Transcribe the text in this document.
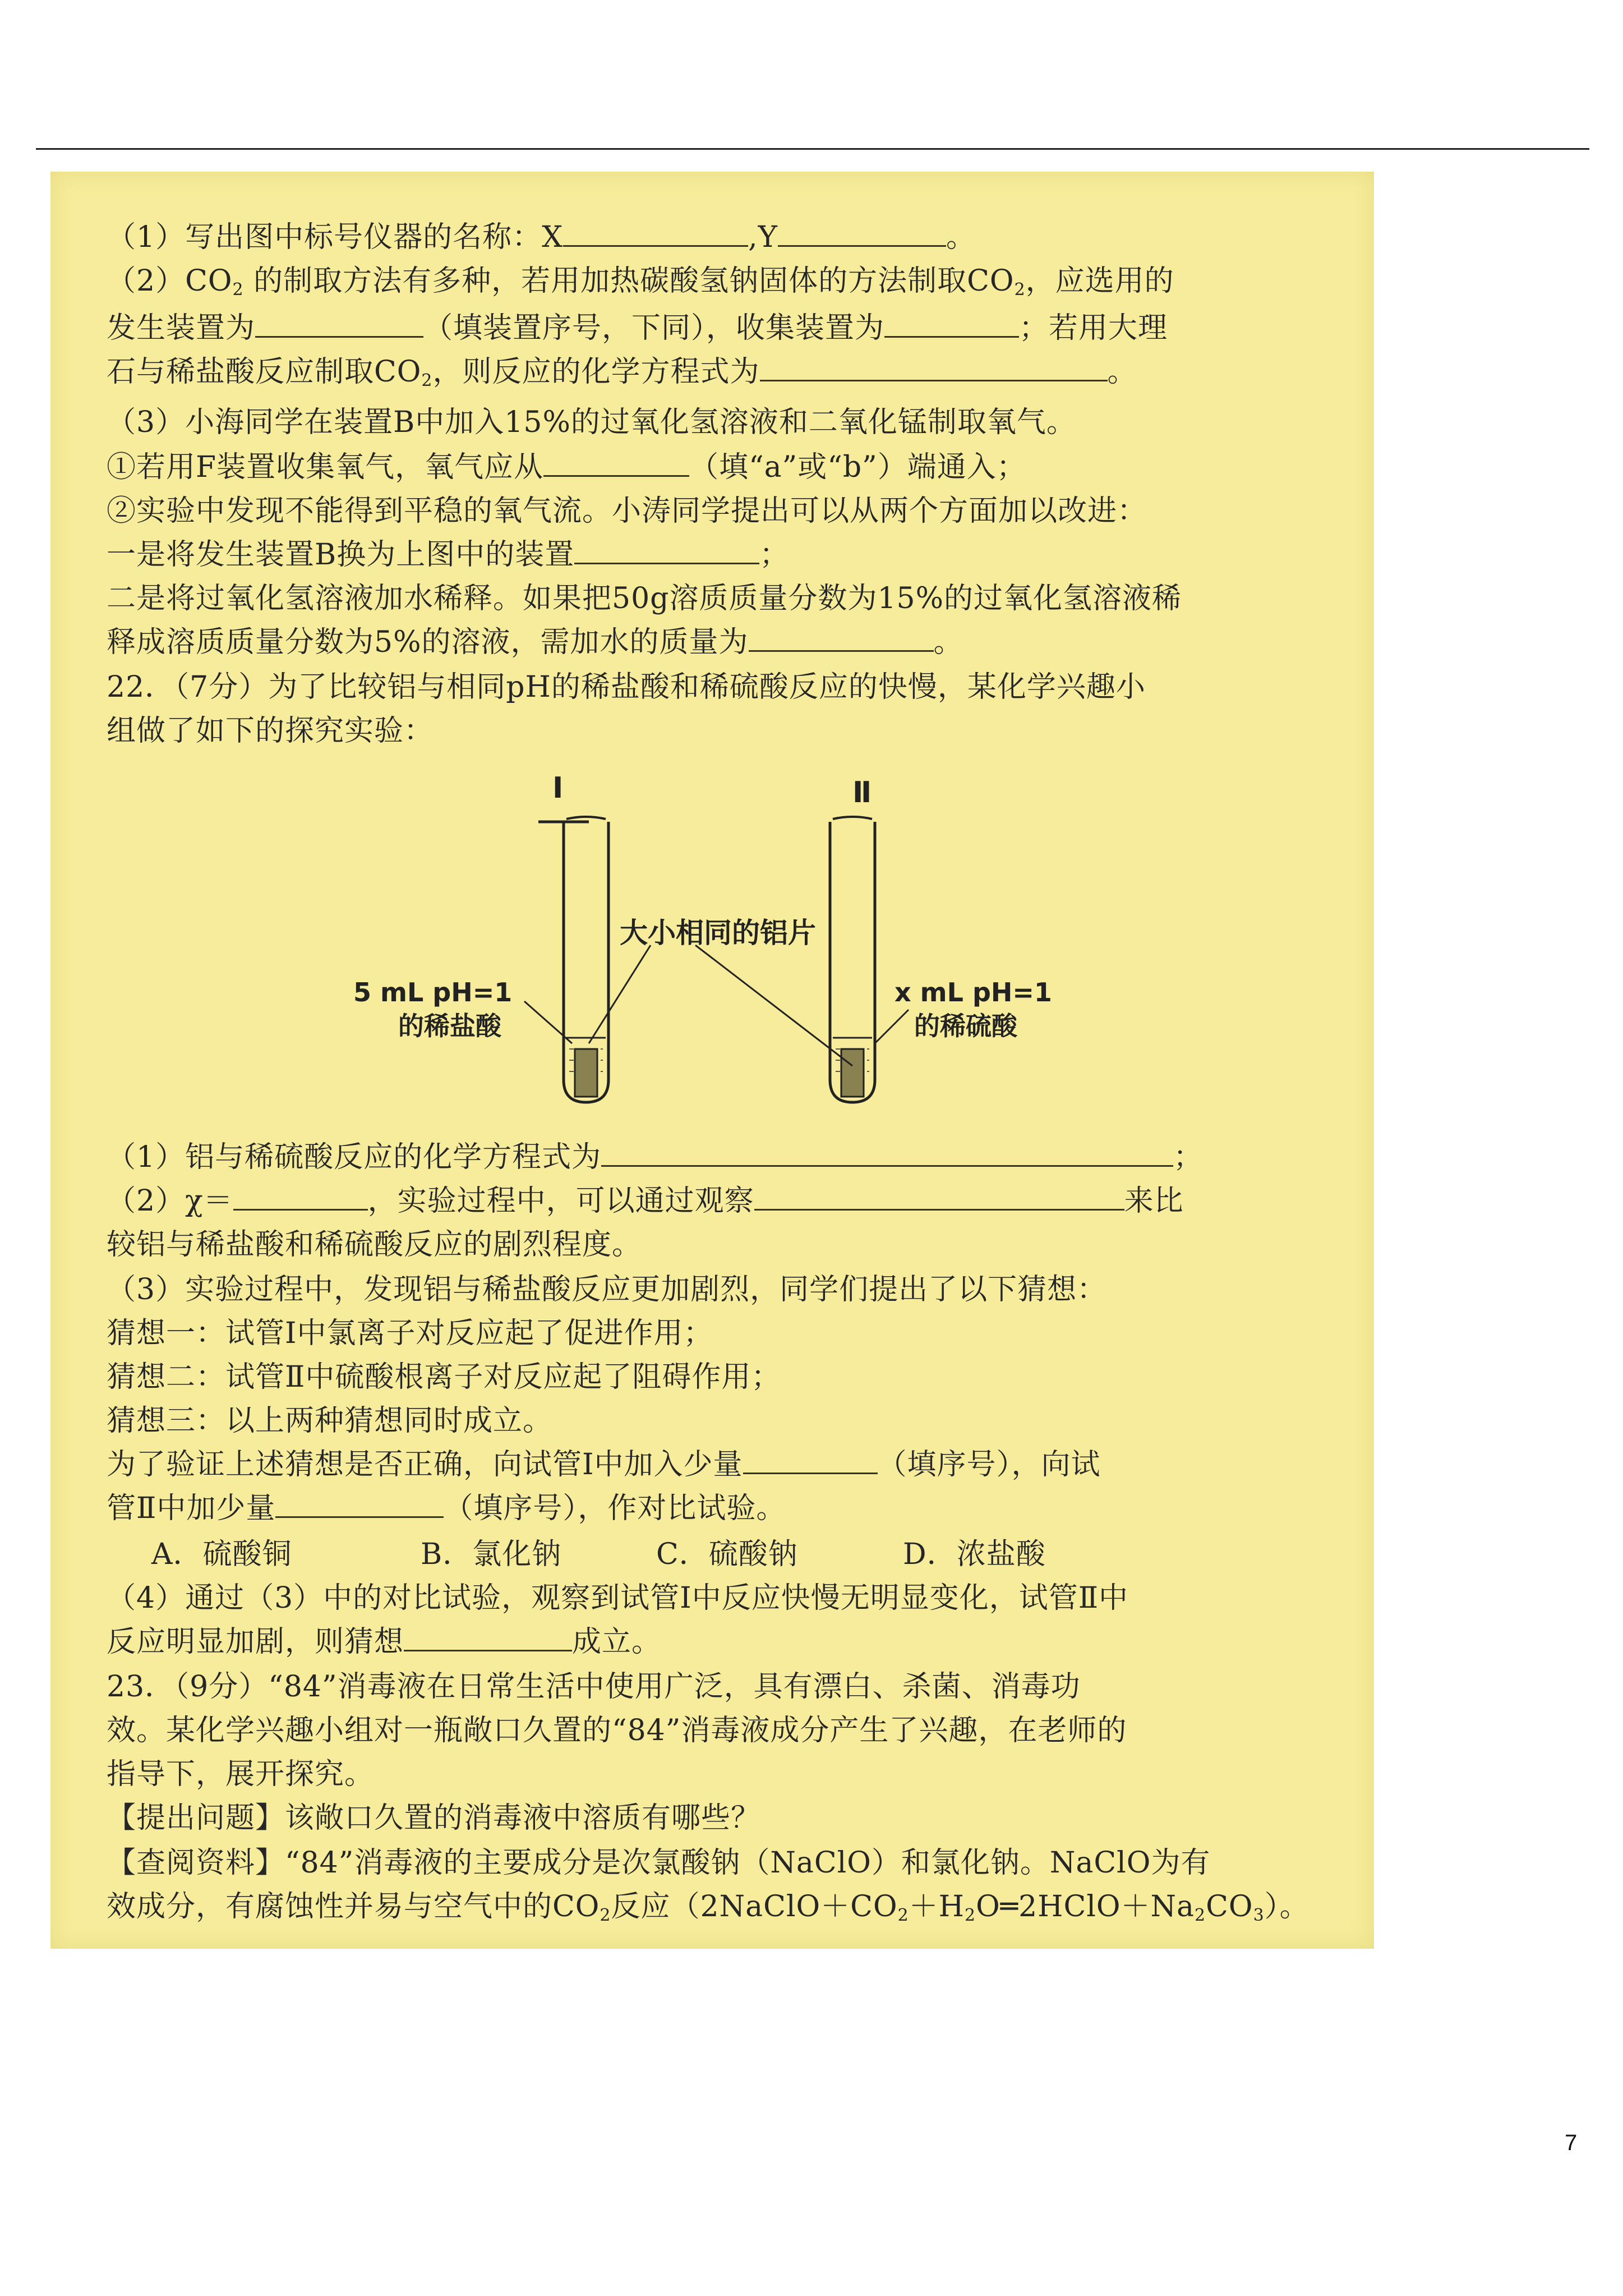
（1）写出图中标号仪器的名称：X	,Y	。
$(2)CO_2$ 的制取方法有多种，若用加热碳酸氢钠固体的方法制取$CO_2$，应选用的
发生装置为	（填装置序号，下同），收集装置为	；若用大理
石与稀盐酸反应制取$CO_2$，则反应的化学方程式为	。
（3）小海同学在装置B中加入15%的过氧化氢溶液和二氧化锰制取氧气。
①若用F装置收集氧气，氧气应从	（填“a”或“b”）端通入；
②实验中发现不能得到平稳的氧气流。小涛同学提出可以从两个方面加以改进：
一是将发生装置B换为上图中的装置	；
二是将过氧化氢溶液加水稀释。如果把50g溶质质量分数为15%的过氧化氢溶液稀
释成溶质质量分数为5%的溶液，需加水的质量为	。
22．（7分）为了比较铝与相同pH的稀盐酸和稀硫酸反应的快慢，某化学兴趣小
组做了如下的探究实验：
Ⅰ	Ⅱ
大小相同的铝片
5 mL pH=1
的稀盐酸
x mL pH=1
的稀硫酸
（1）铝与稀硫酸反应的化学方程式为	；
（2）χ＝	，实验过程中，可以通过观察	来比
较铝与稀盐酸和稀硫酸反应的剧烈程度。
（3）实验过程中，发现铝与稀盐酸反应更加剧烈，同学们提出了以下猜想：
猜想一：试管Ⅰ中氯离子对反应起了促进作用；
猜想二：试管Ⅱ中硫酸根离子对反应起了阻碍作用；
猜想三：以上两种猜想同时成立。
为了验证上述猜想是否正确，向试管Ⅰ中加入少量	（填序号），向试
管Ⅱ中加少量	（填序号），作对比试验。
A．硫酸铜	B．氯化钠	C．硫酸钠	D．浓盐酸
（4）通过（3）中的对比试验，观察到试管Ⅰ中反应快慢无明显变化，试管Ⅱ中
反应明显加剧，则猜想	成立。
23．（9分）“84”消毒液在日常生活中使用广泛，具有漂白、杀菌、消毒功
效。某化学兴趣小组对一瓶敞口久置的“84”消毒液成分产生了兴趣，在老师的
指导下，展开探究。
【提出问题】该敞口久置的消毒液中溶质有哪些？
【查阅资料】“84”消毒液的主要成分是次氯酸钠（NaClO）和氯化钠。NaClO为有
效成分，有腐蚀性并易与空气中的$CO_2$反应$(2NaClO+CO_2+H_2O═2HClO+Na_2CO_3)$。
7
